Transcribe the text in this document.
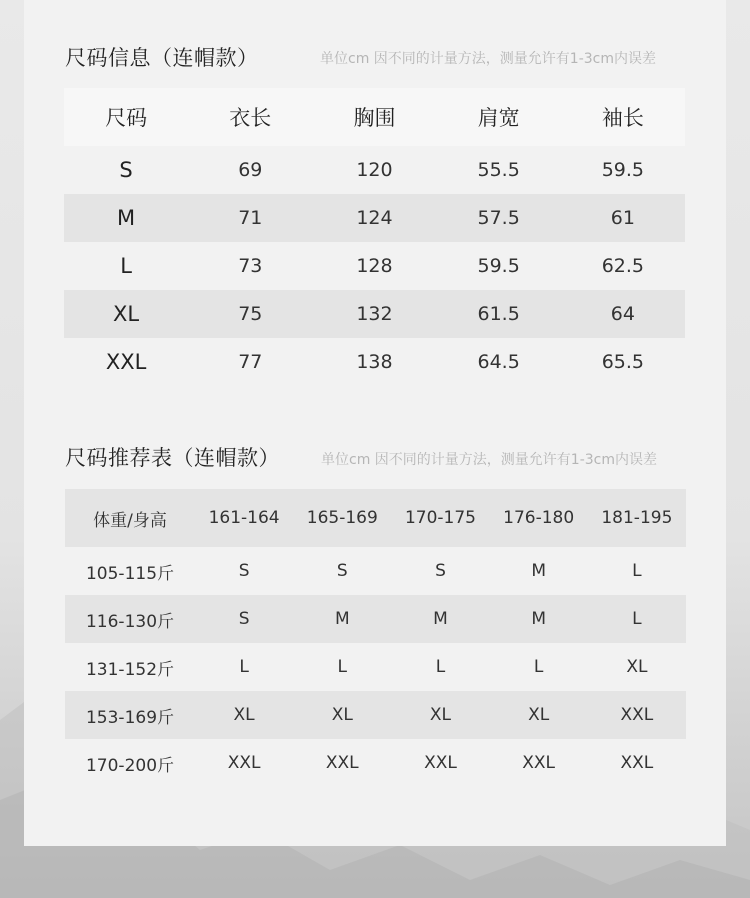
尺码信息（连帽款）	单位cm 因不同的计量方法，测量允许有1-3cm内误差
尺码	衣长	胸围	肩宽	袖长
S	69	120	55.5	59.5
M	71	124	57.5	61
L	73	128	59.5	62.5
XL	75	132	61.5	64
XXL	77	138	64.5	65.5
尺码推荐表（连帽款）	单位cm 因不同的计量方法，测量允许有1-3cm内误差
体重/身高	161-164	165-169	170-175	176-180	181-195
105-115斤	S	S	S	M	L
116-130斤	S	M	M	M	L
131-152斤	L	L	L	L	XL
153-169斤	XL	XL	XL	XL	XXL
170-200斤	XXL	XXL	XXL	XXL	XXL
